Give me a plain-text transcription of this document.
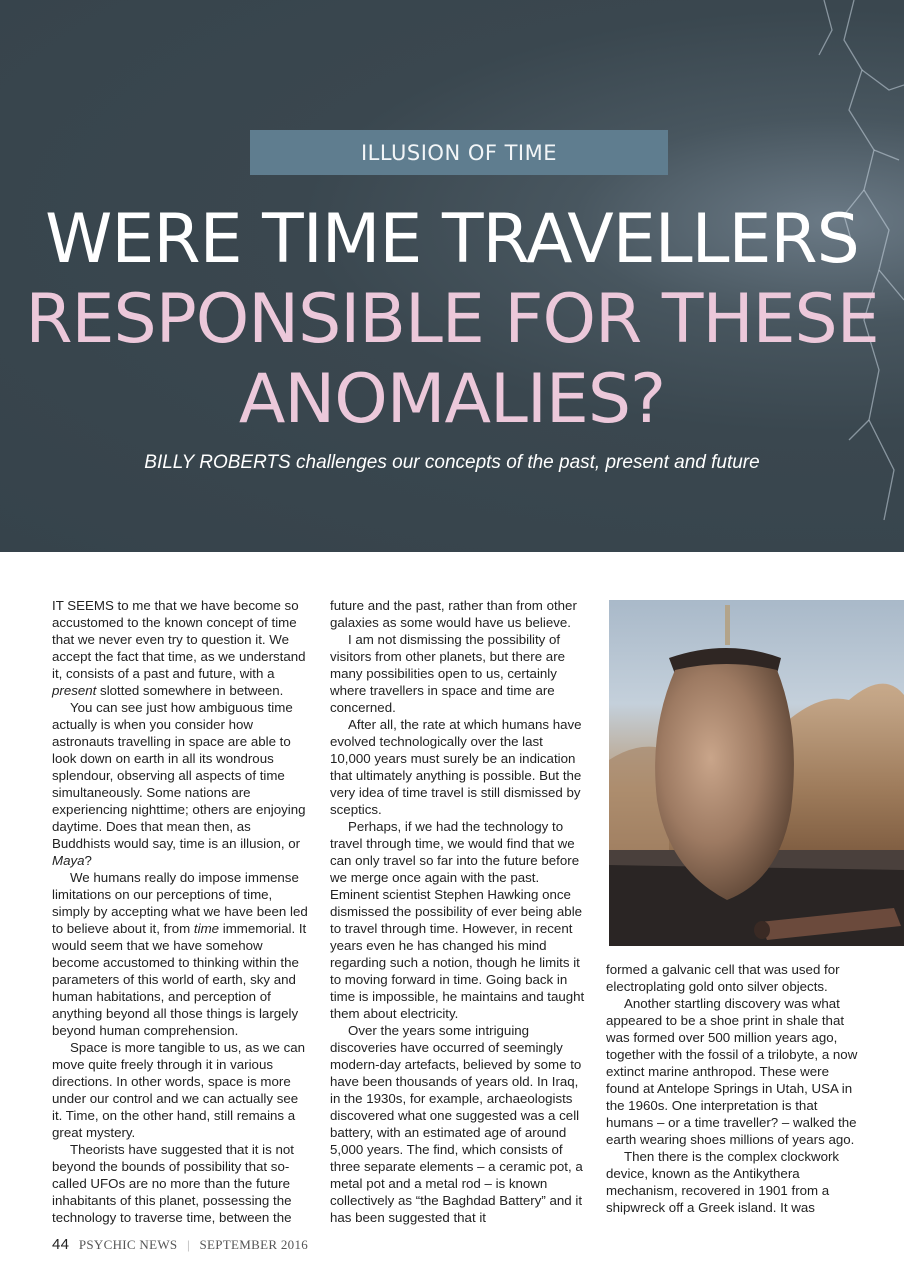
ILLUSION OF TIME
WERE TIME TRAVELLERS
RESPONSIBLE FOR THESE
ANOMALIES?
BILLY ROBERTS challenges our concepts of the past, present and future

IT SEEMS to me that we have become so accustomed to the known concept of time that we never even try to question it. We accept the fact that time, as we understand it, consists of a past and future, with a present slotted somewhere in between.

You can see just how ambiguous time actually is when you consider how astronauts travelling in space are able to look down on earth in all its wondrous splendour, observing all aspects of time simultaneously. Some nations are experiencing nighttime; others are enjoying daytime. Does that mean then, as Buddhists would say, time is an illusion, or Maya?

We humans really do impose immense limitations on our perceptions of time, simply by accepting what we have been led to believe about it, from time immemorial. It would seem that we have somehow become accustomed to thinking within the parameters of this world of earth, sky and human habitations, and perception of anything beyond all those things is largely beyond human comprehension.

Space is more tangible to us, as we can move quite freely through it in various directions. In other words, space is more under our control and we can actually see it. Time, on the other hand, still remains a great mystery.

Theorists have suggested that it is not beyond the bounds of possibility that so-called UFOs are no more than the future inhabitants of this planet, possessing the technology to traverse time, between the

future and the past, rather than from other galaxies as some would have us believe.

I am not dismissing the possibility of visitors from other planets, but there are many possibilities open to us, certainly where travellers in space and time are concerned.

After all, the rate at which humans have evolved technologically over the last 10,000 years must surely be an indication that ultimately anything is possible. But the very idea of time travel is still dismissed by sceptics.

Perhaps, if we had the technology to travel through time, we would find that we can only travel so far into the future before we merge once again with the past. Eminent scientist Stephen Hawking once dismissed the possibility of ever being able to travel through time. However, in recent years even he has changed his mind regarding such a notion, though he limits it to moving forward in time. Going back in time is impossible, he maintains and taught them about electricity.

Over the years some intriguing discoveries have occurred of seemingly modern-day artefacts, believed by some to have been thousands of years old. In Iraq, in the 1930s, for example, archaeologists discovered what one suggested was a cell battery, with an estimated age of around 5,000 years. The find, which consists of three separate elements – a ceramic pot, a metal pot and a metal rod – is known collectively as “the Baghdad Battery” and it has been suggested that it

formed a galvanic cell that was used for electroplating gold onto silver objects.

Another startling discovery was what appeared to be a shoe print in shale that was formed over 500 million years ago, together with the fossil of a trilobyte, a now extinct marine anthropod. These were found at Antelope Springs in Utah, USA in the 1960s. One interpretation is that humans – or a time traveller? – walked the earth wearing shoes millions of years ago.

Then there is the complex clockwork device, known as the Antikythera mechanism, recovered in 1901 from a shipwreck off a Greek island. It was

44 PSYCHIC NEWS | SEPTEMBER 2016
